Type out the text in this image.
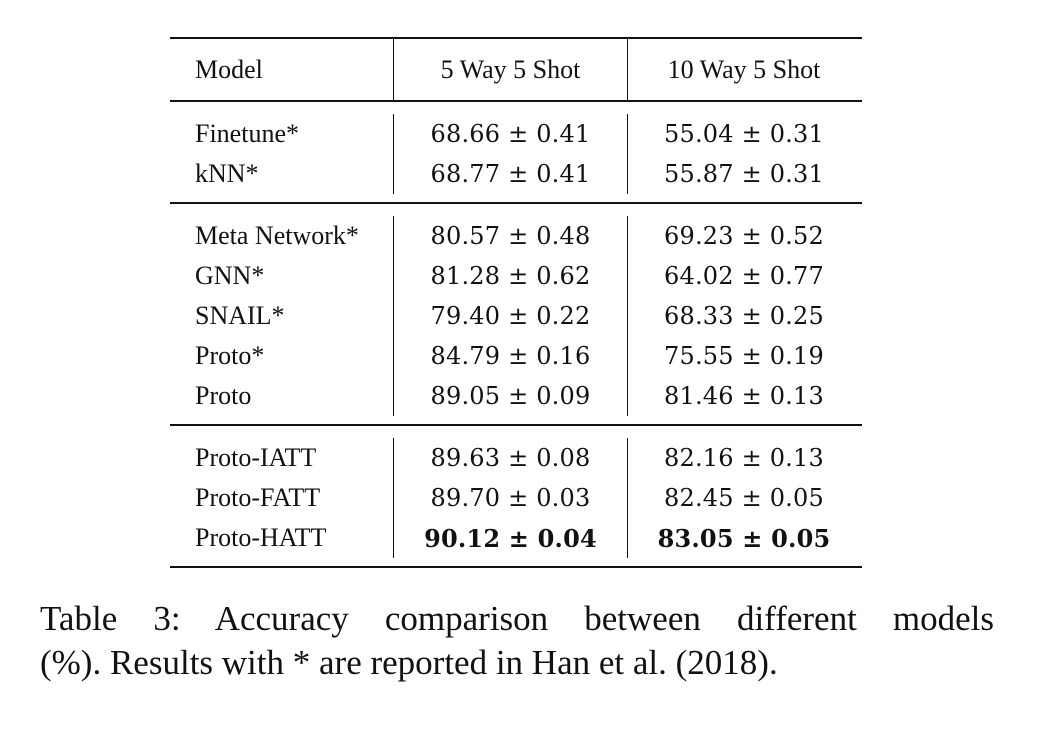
Model	5 Way 5 Shot	10 Way 5 Shot
Finetune*	68.66 ± 0.41	55.04 ± 0.31
kNN*	68.77 ± 0.41	55.87 ± 0.31
Meta Network*	80.57 ± 0.48	69.23 ± 0.52
GNN*	81.28 ± 0.62	64.02 ± 0.77
SNAIL*	79.40 ± 0.22	68.33 ± 0.25
Proto*	84.79 ± 0.16	75.55 ± 0.19
Proto	89.05 ± 0.09	81.46 ± 0.13
Proto-IATT	89.63 ± 0.08	82.16 ± 0.13
Proto-FATT	89.70 ± 0.03	82.45 ± 0.05
Proto-HATT	90.12 ± 0.04	83.05 ± 0.05
Table 3: Accuracy comparison between different models
(%). Results with * are reported in Han et al. (2018).
